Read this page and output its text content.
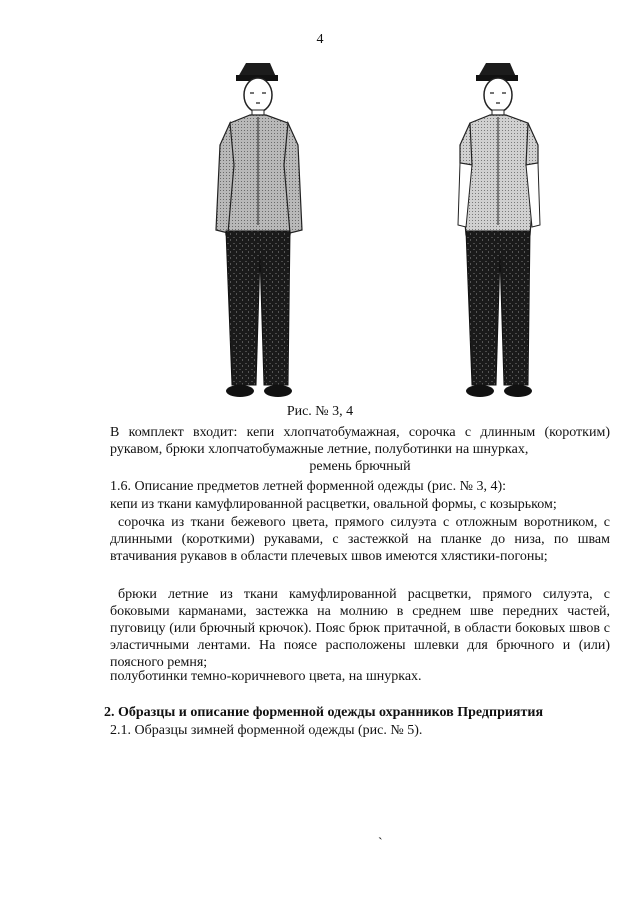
4
Рис. № 3, 4
В комплект входит: кепи хлопчатобумажная, сорочка с длинным (коротким) рукавом, брюки хлопчатобумажные летние, полуботинки на шнурках,
ремень брючный
1.6. Описание предметов летней форменной одежды (рис. № 3, 4):
кепи из ткани камуфлированной расцветки, овальной формы, с козырьком;
сорочка из ткани бежевого цвета, прямого силуэта с отложным воротником, с длинными (короткими) рукавами, с застежкой на планке до низа, по швам втачивания рукавов в области плечевых швов имеются хлястики-погоны;
брюки летние из ткани камуфлированной расцветки, прямого силуэта, с боковыми карманами, застежка на молнию в среднем шве передних частей, пуговицу (или брючный крючок). Пояс брюк притачной, в области боковых швов с эластичными лентами. На поясе расположены шлевки для брючного и (или) поясного ремня;
полуботинки темно-коричневого цвета, на шнурках.
2. Образцы и описание форменной одежды охранников Предприятия
2.1. Образцы зимней форменной одежды (рис. № 5).
`
